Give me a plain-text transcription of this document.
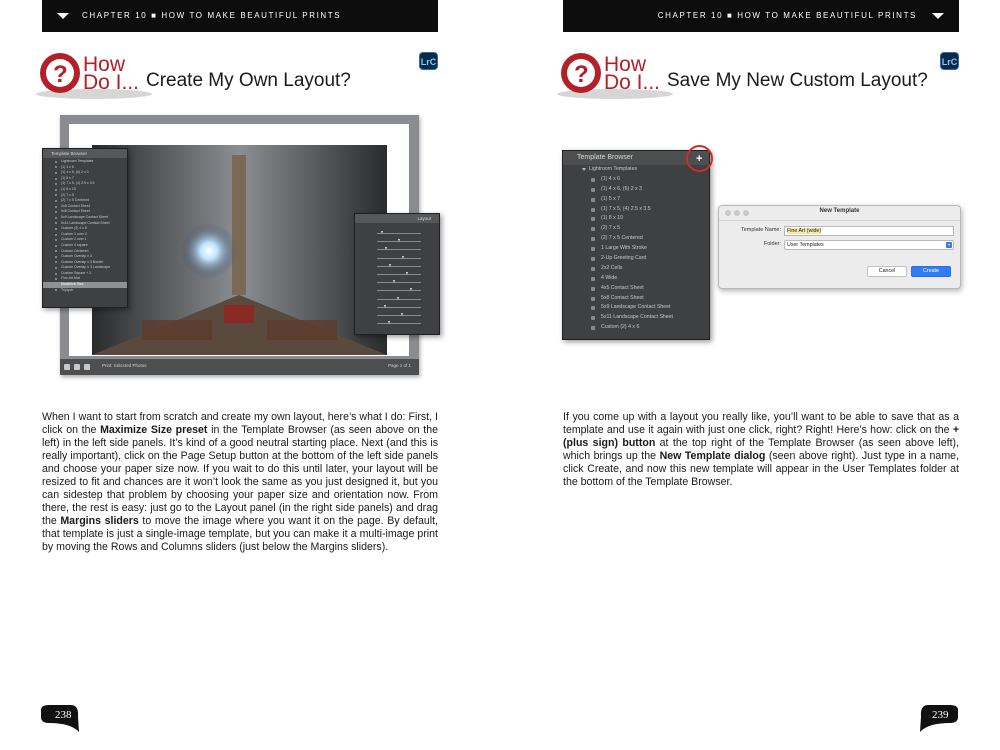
CHAPTER 10 ■ HOW TO MAKE BEAUTIFUL PRINTS
? How
Do I... Create My Own Layout?
LrC
Print: Selected Photos	Page 1 of 1
Template Browser
Lightroom Templates
(1) 4 x 6
(1) 4 x 6, (6) 2 x 3
(1) 5 x 7
(1) 7 x 5, (4) 2.5 x 3.5
(1) 8 x 10
(2) 7 x 5
(2) 7 x 5 Centered
4x5 Contact Sheet
5x8 Contact Sheet
5x9 Landscape Contact Sheet
5x11 Landscape Contact Sheet
Custom (2) 4 x 6
Custom 1 over 2
Custom 2 over 1
Custom 4 square
Custom Centered
Custom Overlap x 3
Custom Overlap x 3 Border
Custom Overlap x 3 Landscape
Custom Square + 2
Fine Art Mat
Maximize Size
Triptych
Layout
When I want to start from scratch and create my own layout, here’s what I do: First, I click on the Maximize Size preset in the Template Browser (as seen above on the left) in the left side panels. It’s kind of a good neutral starting place. Next (and this is really important), click on the Page Setup button at the bottom of the left side panels and choose your paper size now. If you wait to do this until later, your layout will be resized to fit and chances are it won’t look the same as you just designed it, but you can sidestep that problem by choosing your paper size and orientation now. From there, the rest is easy: just go to the Layout panel (in the right side panels) and drag the Margins sliders to move the image where you want it on the page. By default, that template is just a single-image template, but you can make it a multi-image print by moving the Rows and Columns sliders (just below the Margins sliders).
238
CHAPTER 10 ■ HOW TO MAKE BEAUTIFUL PRINTS
? How
Do I... Save My New Custom Layout?
LrC
Template Browser
Lightroom Templates
(1) 4 x 6
(1) 4 x 6, (6) 2 x 3
(1) 5 x 7
(1) 7 x 5, (4) 2.5 x 3.5
(1) 8 x 10
(2) 7 x 5
(2) 7 x 5 Centered
1 Large With Stroke
2-Up Greeting Card
2x2 Cells
4 Wide
4x5 Contact Sheet
5x8 Contact Sheet
5x9 Landscape Contact Sheet
5x11 Landscape Contact Sheet
Custom (2) 4 x 6
+
New Template
Template Name:	Fine Art (wide)
Folder:	User Templates	▾
Cancel	Create
If you come up with a layout you really like, you’ll want to be able to save that as a template and use it again with just one click, right? Right! Here’s how: click on the + (plus sign) button at the top right of the Template Browser (as seen above left), which brings up the New Template dialog (seen above right). Just type in a name, click Create, and now this new template will appear in the User Templates folder at the bottom of the Template Browser.
239
